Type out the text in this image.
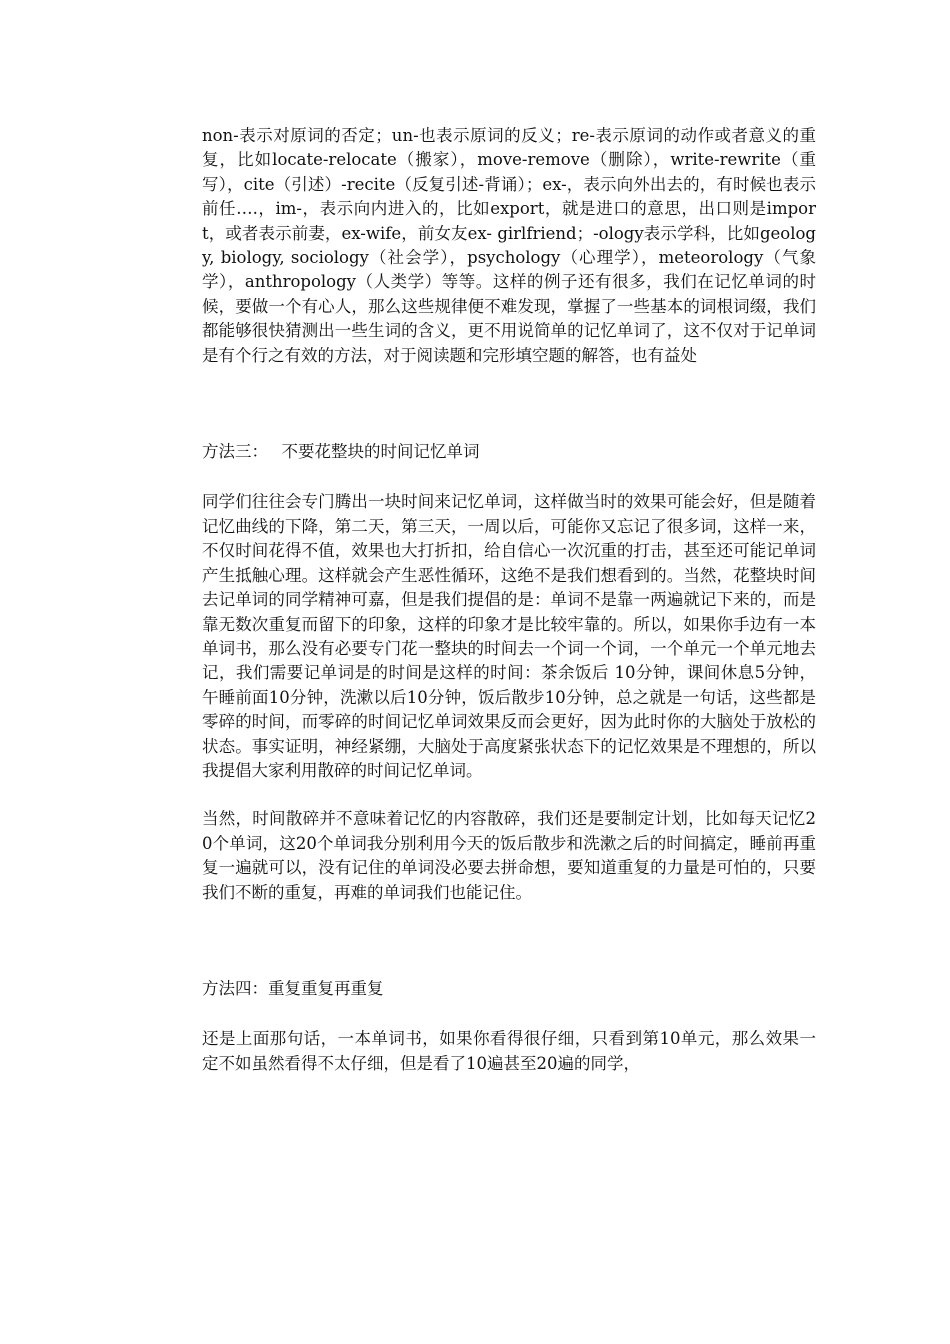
non-表示对原词的否定；un-也表示原词的反义；re-表示原词的动作或者意义的重复，比如locate-relocate（搬家），move-remove（删除），write-rewrite（重写），cite（引述）-recite（反复引述-背诵）；ex-，表示向外出去的，有时候也表示前任….，im-，表示向内进入的，比如export，就是进口的意思，出口则是import，或者表示前妻，ex-wife，前女友ex- girlfriend；-ology表示学科，比如geology, biology, sociology（社会学），psychology（心理学），meteorology（气象学），anthropology（人类学）等等。这样的例子还有很多，我们在记忆单词的时候，要做一个有心人，那么这些规律便不难发现，掌握了一些基本的词根词缀，我们都能够很快猜测出一些生词的含义，更不用说简单的记忆单词了，这不仅对于记单词是有个行之有效的方法，对于阅读题和完形填空题的解答，也有益处

方法三：　 不要花整块的时间记忆单词

同学们往往会专门腾出一块时间来记忆单词，这样做当时的效果可能会好，但是随着记忆曲线的下降，第二天，第三天，一周以后，可能你又忘记了很多词，这样一来，不仅时间花得不值，效果也大打折扣，给自信心一次沉重的打击，甚至还可能记单词产生抵触心理。这样就会产生恶性循环，这绝不是我们想看到的。当然，花整块时间去记单词的同学精神可嘉，但是我们提倡的是：单词不是靠一两遍就记下来的，而是靠无数次重复而留下的印象，这样的印象才是比较牢靠的。所以，如果你手边有一本单词书，那么没有必要专门花一整块的时间去一个词一个词，一个单元一个单元地去记，我们需要记单词是的时间是这样的时间：茶余饭后 10分钟，课间休息5分钟，午睡前面10分钟，洗漱以后10分钟，饭后散步10分钟，总之就是一句话，这些都是零碎的时间，而零碎的时间记忆单词效果反而会更好，因为此时你的大脑处于放松的状态。事实证明，神经紧绷，大脑处于高度紧张状态下的记忆效果是不理想的，所以我提倡大家利用散碎的时间记忆单词。

当然，时间散碎并不意味着记忆的内容散碎，我们还是要制定计划，比如每天记忆20个单词，这20个单词我分别利用今天的饭后散步和洗漱之后的时间搞定，睡前再重复一遍就可以，没有记住的单词没必要去拼命想，要知道重复的力量是可怕的，只要我们不断的重复，再难的单词我们也能记住。

方法四：重复重复再重复

还是上面那句话，一本单词书，如果你看得很仔细，只看到第10单元，那么效果一定不如虽然看得不太仔细，但是看了10遍甚至20遍的同学，
